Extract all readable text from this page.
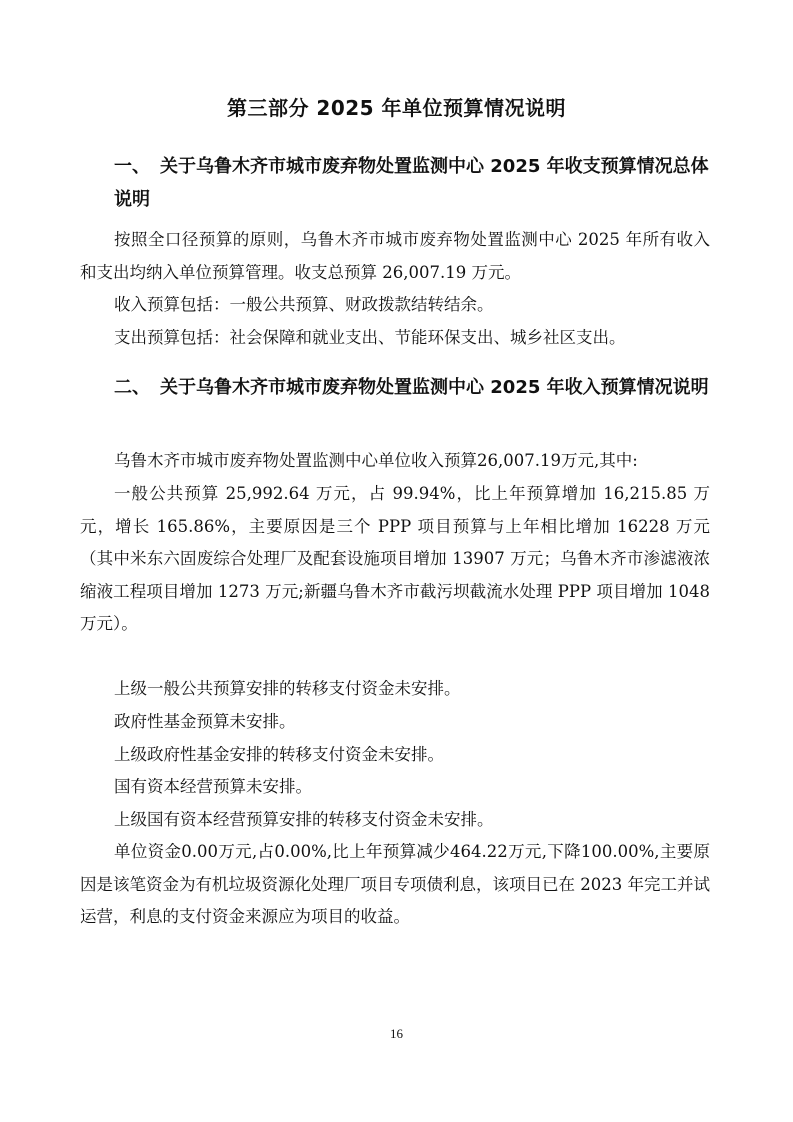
第三部分 2025 年单位预算情况说明
一、 关于乌鲁木齐市城市废弃物处置监测中心 2025 年收支预算情况总体说明
按照全口径预算的原则，乌鲁木齐市城市废弃物处置监测中心 2025 年所有收入和支出均纳入单位预算管理。收支总预算 26,007.19 万元。
收入预算包括：一般公共预算、财政拨款结转结余。
支出预算包括：社会保障和就业支出、节能环保支出、城乡社区支出。
二、 关于乌鲁木齐市城市废弃物处置监测中心 2025 年收入预算情况说明
乌鲁木齐市城市废弃物处置监测中心单位收入预算26,007.19万元,其中:
一般公共预算 25,992.64 万元，占 99.94%，比上年预算增加 16,215.85 万元，增长 165.86%，主要原因是三个 PPP 项目预算与上年相比增加 16228 万元（其中米东六固废综合处理厂及配套设施项目增加 13907 万元；乌鲁木齐市渗滤液浓缩液工程项目增加 1273 万元;新疆乌鲁木齐市截污坝截流水处理 PPP 项目增加 1048 万元）。
上级一般公共预算安排的转移支付资金未安排。
政府性基金预算未安排。
上级政府性基金安排的转移支付资金未安排。
国有资本经营预算未安排。
上级国有资本经营预算安排的转移支付资金未安排。
单位资金0.00万元,占0.00%,比上年预算减少464.22万元,下降100.00%,主要原因是该笔资金为有机垃圾资源化处理厂项目专项债利息，该项目已在 2023 年完工并试运营，利息的支付资金来源应为项目的收益。
16
